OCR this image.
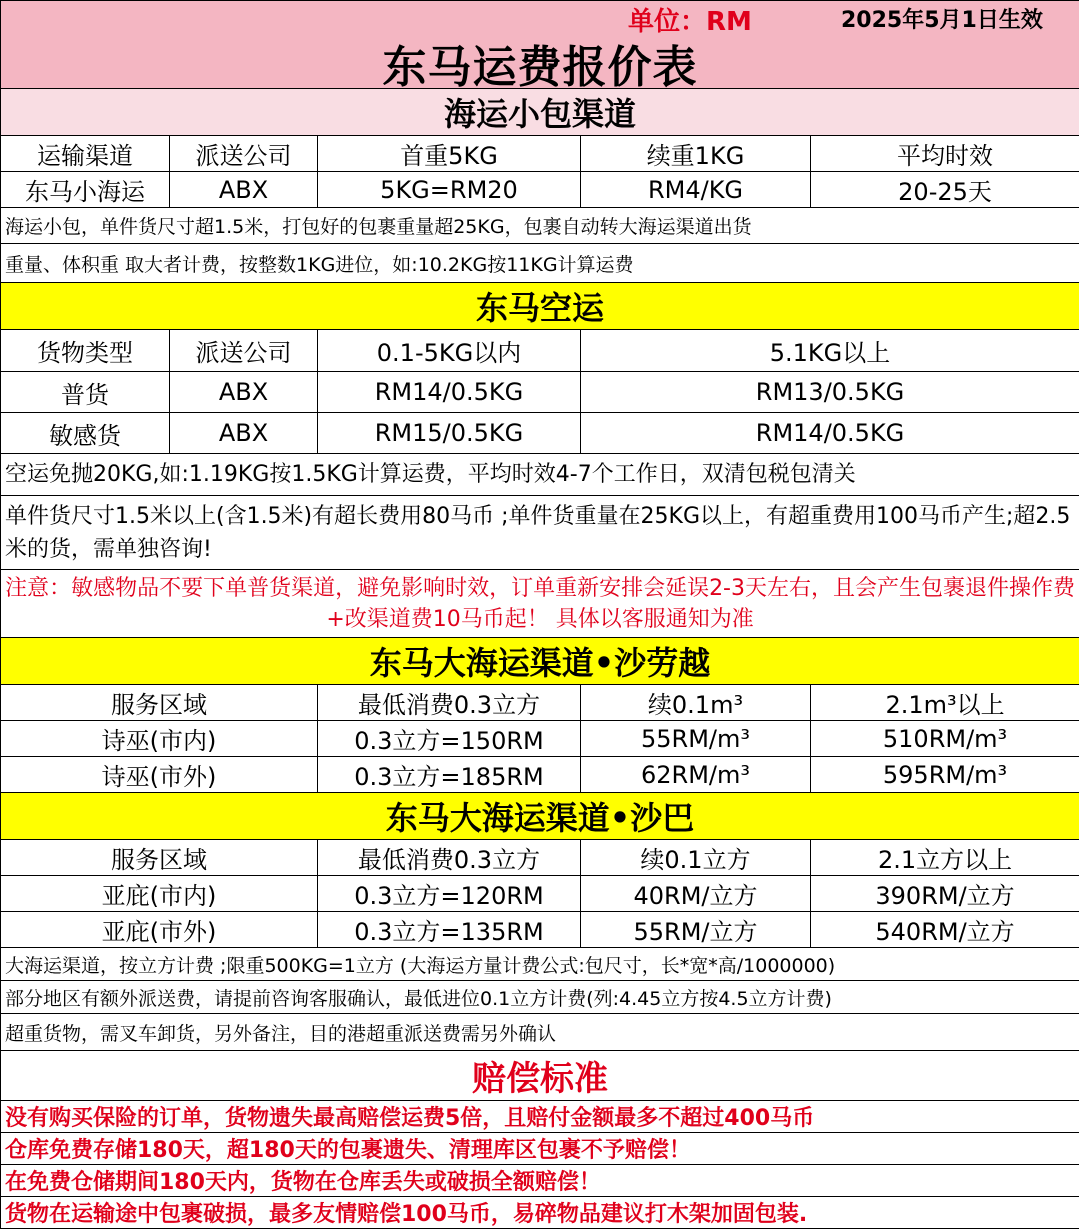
单位：RM 2025年5月1日生效
东马运费报价表				

海运小包渠道				
运输渠道	派送公司	首重5KG	续重1KG	平均时效
东马小海运	ABX	5KG=RM20	RM4/KG	20-25天
海运小包，单件货尺寸超1.5米，打包好的包裹重量超25KG，包裹自动转大海运渠道出货				
重量、体积重 取大者计费，按整数1KG进位，如:10.2KG按11KG计算运费				
东马空运				
货物类型	派送公司	0.1-5KG以内	5.1KG以上	
普货	ABX	RM14/0.5KG	RM13/0.5KG	
敏感货	ABX	RM15/0.5KG	RM14/0.5KG	
空运免抛20KG,如:1.19KG按1.5KG计算运费，平均时效4-7个工作日，双清包税包清关				
单件货尺寸1.5米以上(含1.5米)有超长费用80马币 ;单件货重量在25KG以上，有超重费用100马币产生;超2.5米的货，需单独咨询!				
注意：敏感物品不要下单普货渠道，避免影响时效，订单重新安排会延误2-3天左右，且会产生包裹退件操作费+改渠道费10马币起！ 具体以客服通知为准				
东马大海运渠道•沙劳越				
服务区域		最低消费0.3立方	续0.1m³	2.1m³以上
诗巫(市内)		0.3立方=150RM	55RM/m³	510RM/m³
诗巫(市外)		0.3立方=185RM	62RM/m³	595RM/m³
东马大海运渠道•沙巴				
服务区域		最低消费0.3立方	续0.1立方	2.1立方以上
亚庇(市内)		0.3立方=120RM	40RM/立方	390RM/立方
亚庇(市外)		0.3立方=135RM	55RM/立方	540RM/立方
大海运渠道，按立方计费 ;限重500KG=1立方 (大海运方量计费公式:包尺寸，长*宽*高/1000000)				
部分地区有额外派送费，请提前咨询客服确认，最低进位0.1立方计费(列:4.45立方按4.5立方计费)				
超重货物，需叉车卸货，另外备注，目的港超重派送费需另外确认				
赔偿标准				
没有购买保险的订单，货物遗失最高赔偿运费5倍，且赔付金额最多不超过400马币				
仓库免费存储180天，超180天的包裹遗失、清理库区包裹不予赔偿！				
在免费仓储期间180天内，货物在仓库丢失或破损全额赔偿！				
货物在运输途中包裹破损，最多友情赔偿100马币，易碎物品建议打木架加固包装.				
